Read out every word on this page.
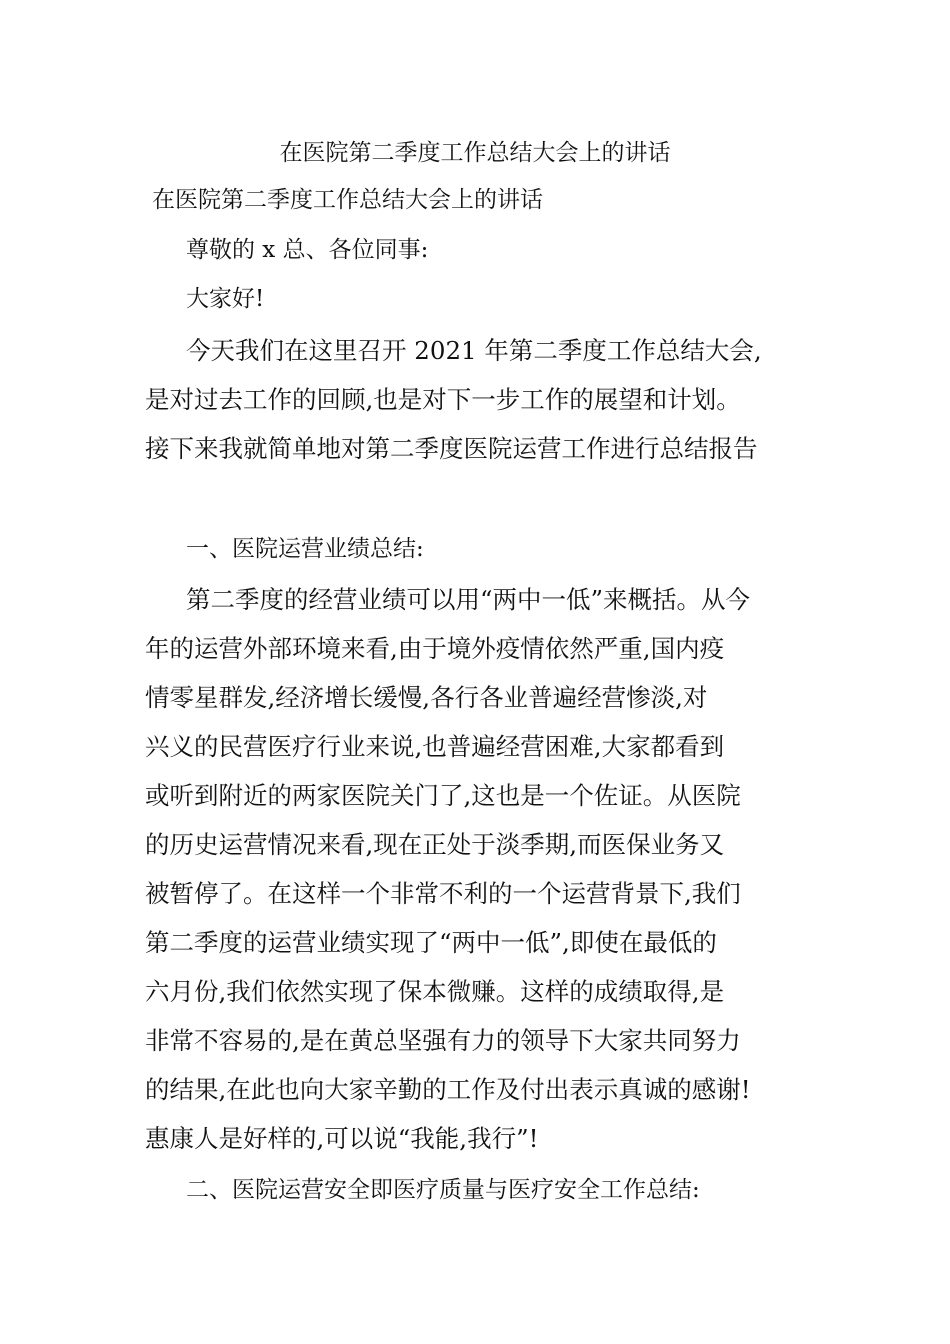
在医院第二季度工作总结大会上的讲话
在医院第二季度工作总结大会上的讲话
尊敬的 x 总、各位同事:
大家好!
今天我们在这里召开 2021 年第二季度工作总结大会,
是对过去工作的回顾,也是对下一步工作的展望和计划。
接下来我就简单地对第二季度医院运营工作进行总结报告
一、医院运营业绩总结:
第二季度的经营业绩可以用“两中一低”来概括。从今
年的运营外部环境来看,由于境外疫情依然严重,国内疫
情零星群发,经济增长缓慢,各行各业普遍经营惨淡,对
兴义的民营医疗行业来说,也普遍经营困难,大家都看到
或听到附近的两家医院关门了,这也是一个佐证。从医院
的历史运营情况来看,现在正处于淡季期,而医保业务又
被暂停了。在这样一个非常不利的一个运营背景下,我们
第二季度的运营业绩实现了“两中一低”,即使在最低的
六月份,我们依然实现了保本微赚。这样的成绩取得,是
非常不容易的,是在黄总坚强有力的领导下大家共同努力
的结果,在此也向大家辛勤的工作及付出表示真诚的感谢!
惠康人是好样的,可以说“我能,我行”!
二、医院运营安全即医疗质量与医疗安全工作总结:
